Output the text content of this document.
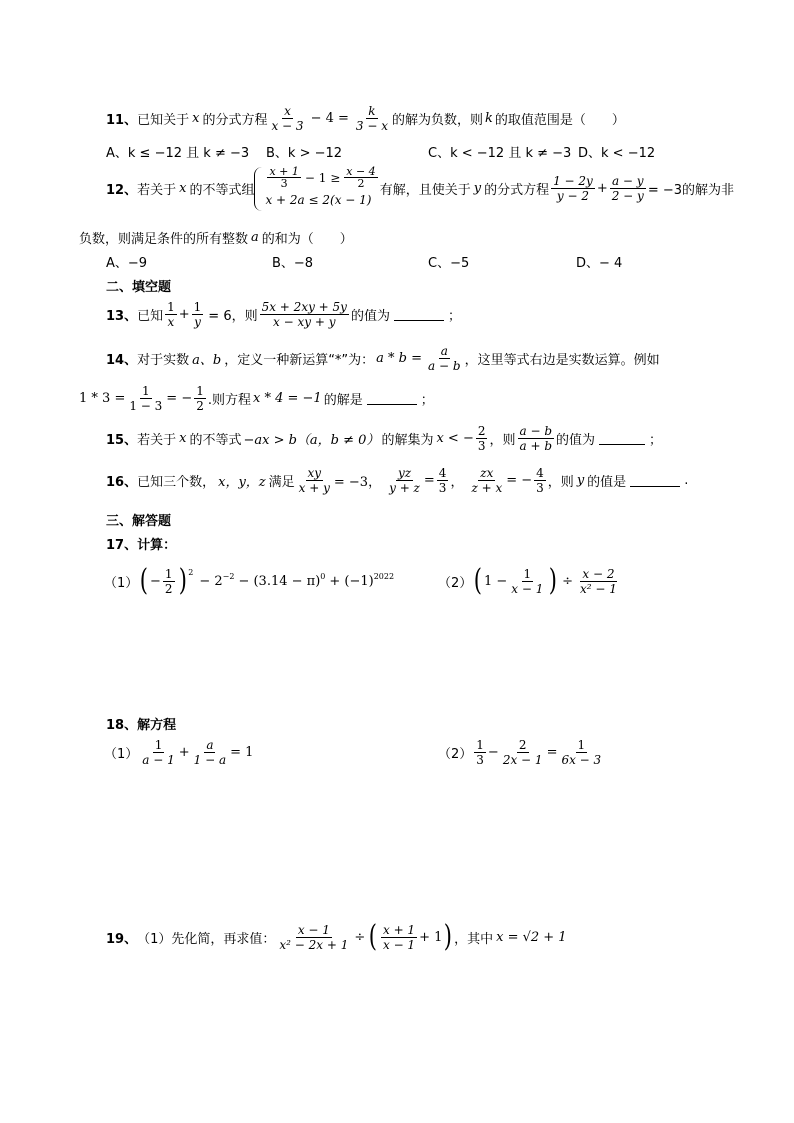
11、 已知关于 x 的分式方程 $\frac{x}{x - 3} - 4 = \frac{k}{3 - x}$ 的解为负数，则 k 的取值范围是（　　）
A、k ≤ −12 且 k ≠ −3 B、k > −12	C、k < −12 且 k ≠ −3 D、k < −12
12、 若关于 x 的不等式组
$\frac{x + 1}{3} - 1 \ge \frac{x - 4}{2}$
x + 2a ≤ 2(x − 1)
有解，且使关于 y 的分式方程 $\frac{1 - 2y}{y - 2} + \frac{a - y}{2 - y} = -3$的解为非
负数，则满足条件的所有整数 a 的和为（　　）
A、−9	B、−8	C、−5	D、− 4
二、填空题
13、 已知 $\frac{1}{x} + \frac{1}{y} = 6$，则 $\frac{5x + 2xy + 5y}{x - xy + y}$ 的值为	；
14、 对于实数 a、b ，定义一种新运算“*”为： $a * b = \frac{a}{a - b}$ ，这里等式右边是实数运算。例如
$1 * 3 = \frac{1}{1 - 3}$ = − $\frac{1}{2}$ .则方程 x * 4 = −1 的解是	；
15、 若关于 x 的不等式 −ax > b（a，b ≠ 0） 的解集为 x < − $\frac{2}{3}$ ，则 $\frac{a - b}{a + b}$ 的值为	；
16、 已知三个数， x，y，z 满足 $\frac{xy}{x + y} = -3$， $\frac{yz}{y + z} = \frac{4}{3}$ ， $\frac{zx}{z + x}$ = − $\frac{4}{3}$ ，则 y 的值是	.
三、解答题
17、计算：
（1） ( − $\frac{1}{2} )^2$
− $2^{-2} - (3.14 - \pi)^0 + (-1)^{2022}$	（2） ( $1 - \frac{1}{x - 1}$ ) ÷ $\frac{x - 2}{\text{x² − 1}}$
18、解方程
$(1) \frac{1}{a - 1} + \frac{a}{1 - a} = 1$	$(2) \frac{1}{3} - \frac{2}{2x - 1} = \frac{1}{6x - 3}$
19、 （1）先化简，再求值： $\frac{x - 1}{\text{x² − 2x + 1}}$ ÷ ( $\frac{x + 1}{x - 1} + 1$ ) ，其中 x = √2 + 1
